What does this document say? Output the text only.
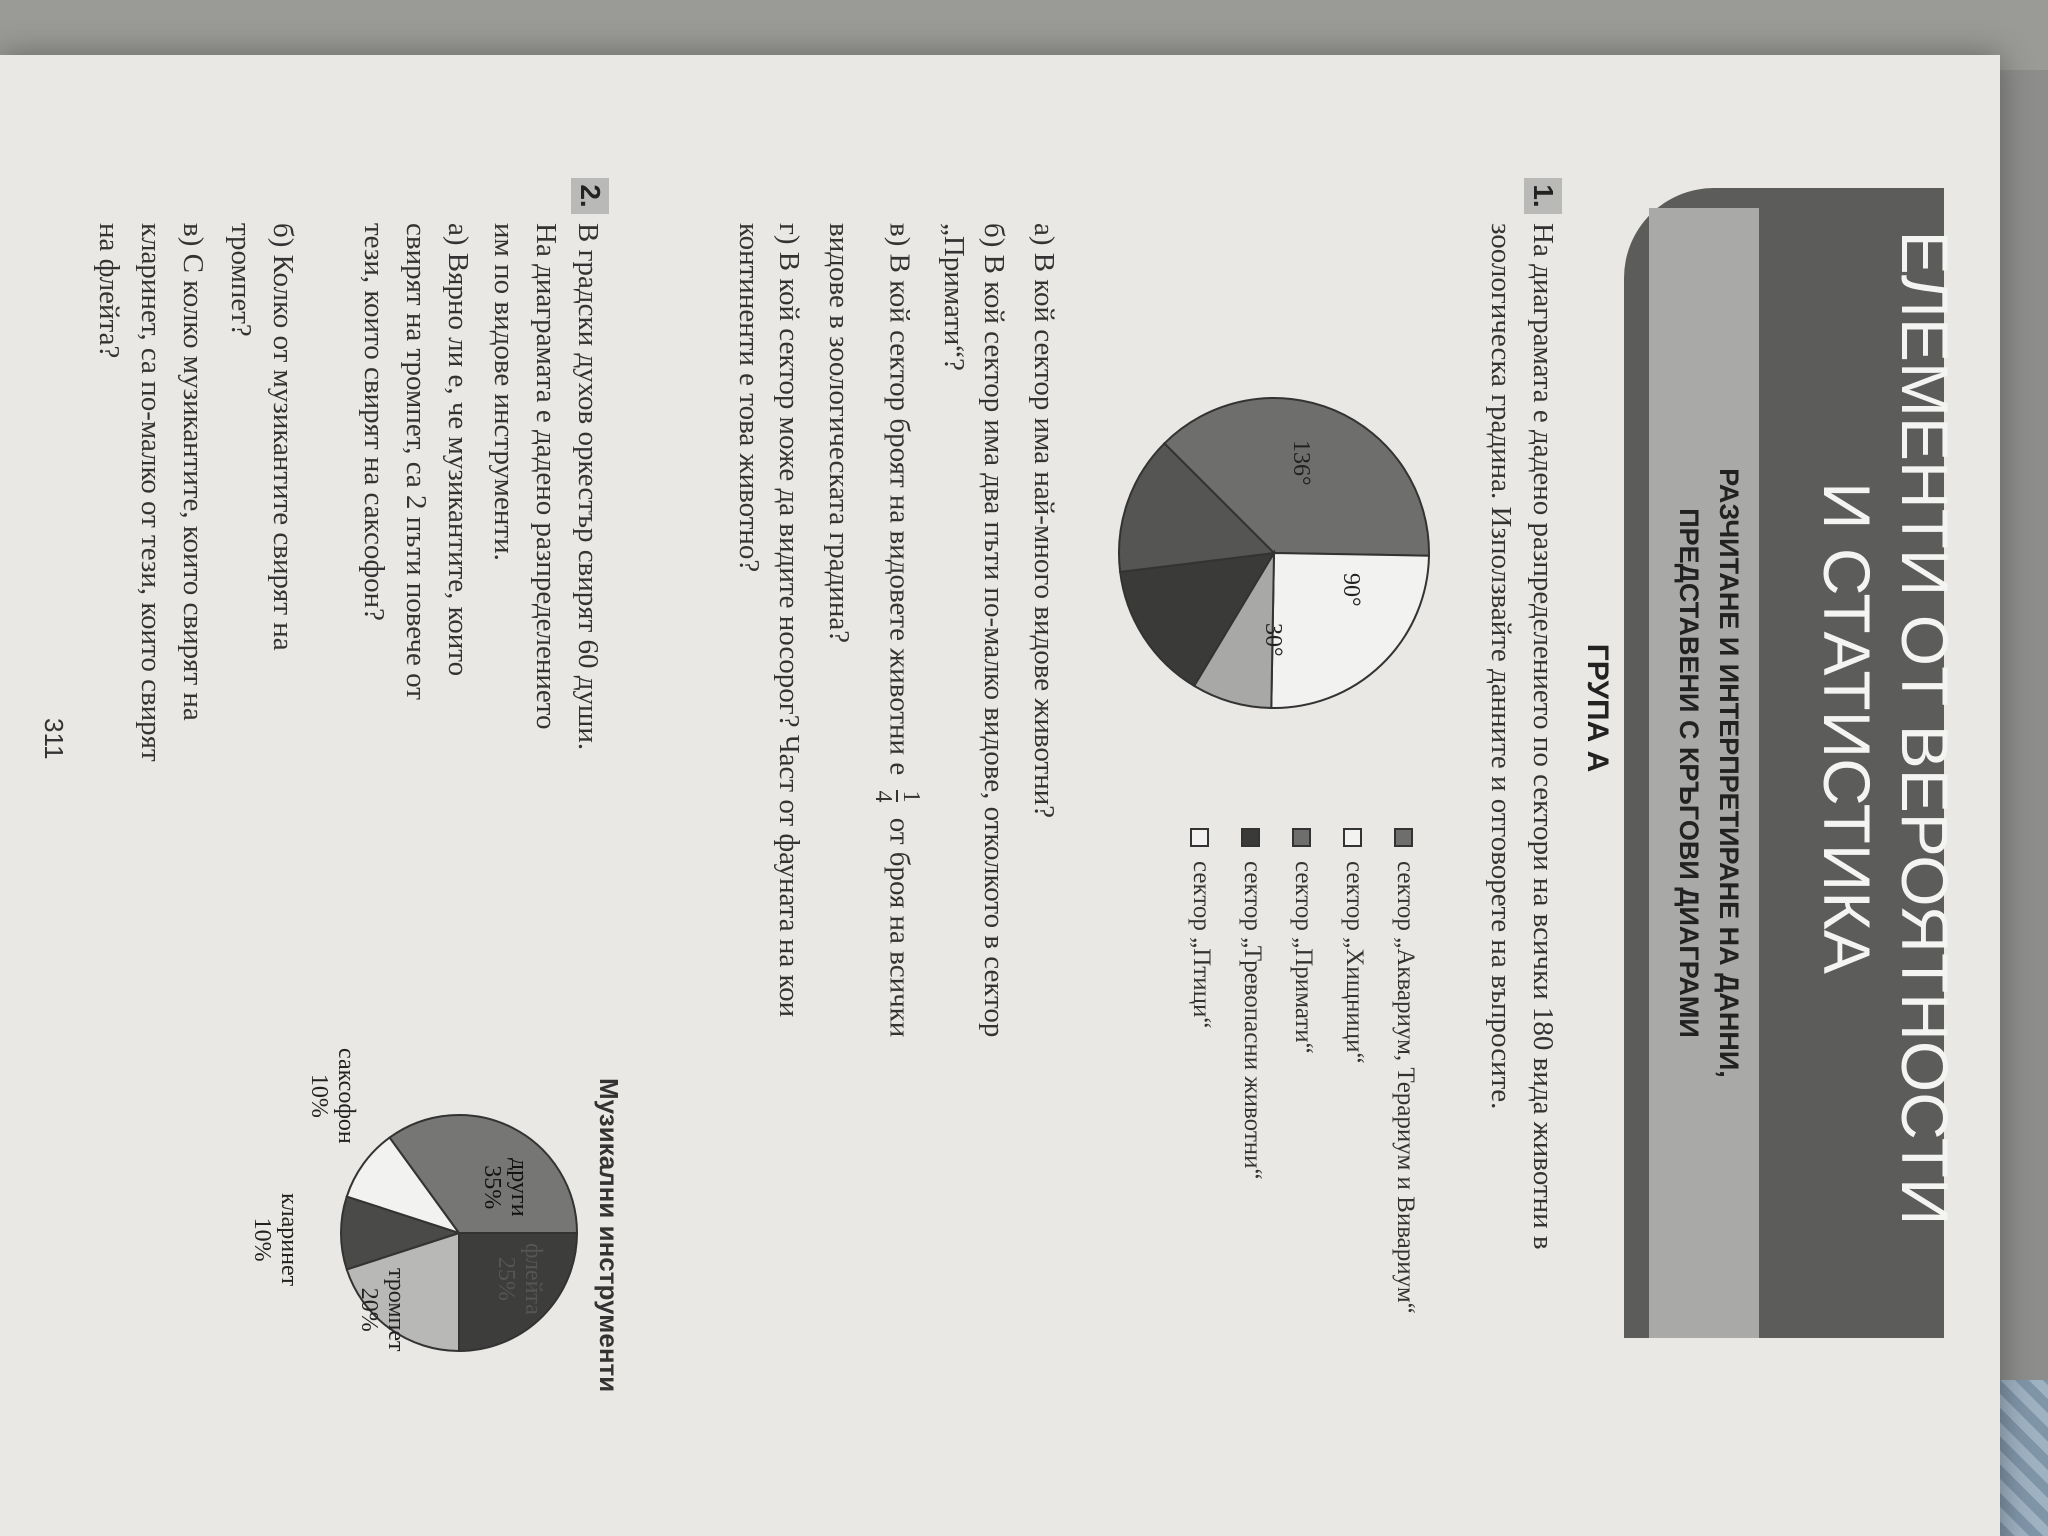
ЕЛЕМЕНТИ ОТ ВЕРОЯТНОСТИ
И СТАТИСТИКА
РАЗЧИТАНЕ И ИНТЕРПРЕТИРАНЕ НА ДАННИ,
ПРЕДСТАВЕНИ С КРЪГОВИ ДИАГРАМИ
ГРУПА А
1.
На диаграмата е дадено разпределението по сектори на всички 180 вида животни в зоологическа градина. Използвайте данните и отговорете на въпросите.
136°
90°
30°
сектор „Аквариум, Терариум и Вивариум“
сектор „Хищници“
сектор „Примати“
сектор „Тревопасни животни“
сектор „Птици“
а) В кой сектор има най-много видове животни?
б) В кой сектор има два пъти по-малко видове, отколкото в сектор
„Примати“?
в) В кой сектор броят на видовете животни е
1
4
от броя на всички
видове в зоологическата градина?
г) В кой сектор може да видите носорог? Част от фауната на кои
континенти е това животно?
2.
В градски духов оркестър свирят 60 души. На диаграмата е дадено разпределението им по видове инструменти.
а) Вярно ли е, че музикантите, които свирят на тромпет, са 2 пъти повече от тези, които свирят на саксофон?
б) Колко от музикантите свирят на тромпет?
в) С колко музикантите, които свирят на кларинет, са по-малко от тези, които свирят на флейта?
Музикални инструменти
други
35%
флейта
25%
тромпет
20%
кларинет
10%
саксофон
10%
311
